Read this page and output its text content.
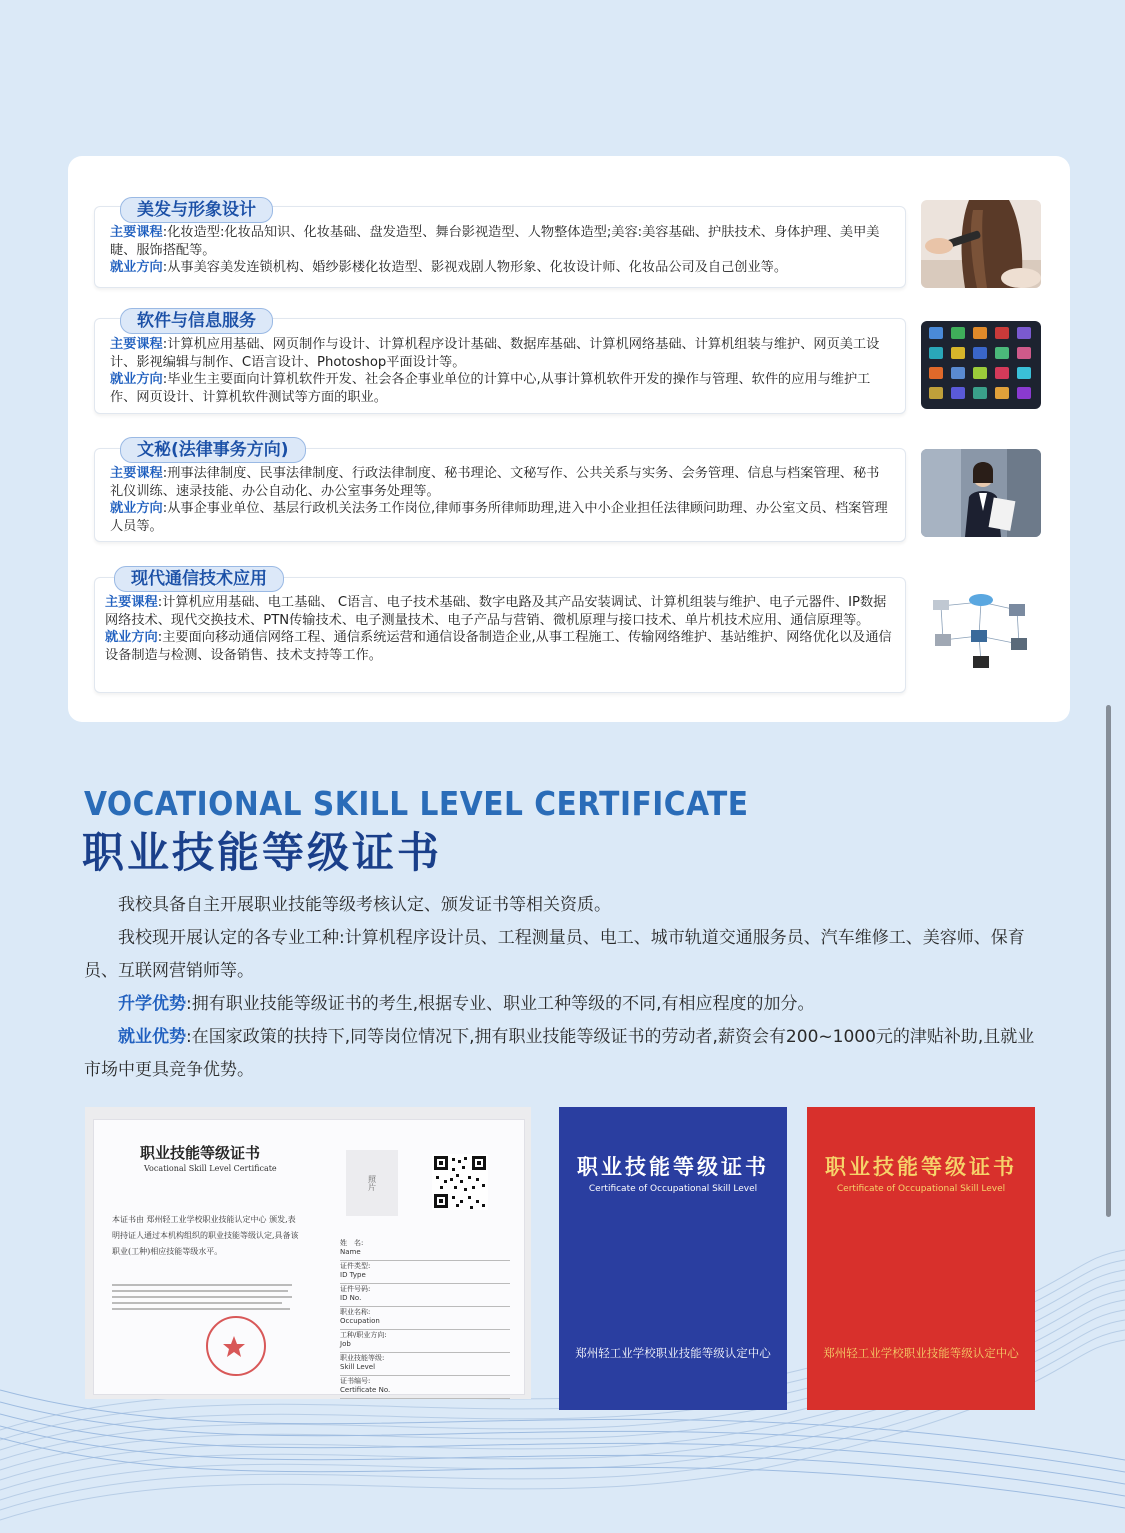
美发与形象设计
主要课程:化妆造型:化妆品知识、化妆基础、盘发造型、舞台影视造型、人物整体造型;美容:美容基础、护肤技术、身体护理、美甲美睫、服饰搭配等。
就业方向:从事美容美发连锁机构、婚纱影楼化妆造型、影视戏剧人物形象、化妆设计师、化妆品公司及自己创业等。
软件与信息服务
主要课程:计算机应用基础、网页制作与设计、计算机程序设计基础、数据库基础、计算机网络基础、计算机组装与维护、网页美工设计、影视编辑与制作、C语言设计、Photoshop平面设计等。
就业方向:毕业生主要面向计算机软件开发、社会各企事业单位的计算中心,从事计算机软件开发的操作与管理、软件的应用与维护工作、网页设计、计算机软件测试等方面的职业。
文秘(法律事务方向)
主要课程:刑事法律制度、民事法律制度、行政法律制度、秘书理论、文秘写作、公共关系与实务、会务管理、信息与档案管理、秘书礼仪训练、速录技能、办公自动化、办公室事务处理等。
就业方向:从事企事业单位、基层行政机关法务工作岗位,律师事务所律师助理,进入中小企业担任法律顾问助理、办公室文员、档案管理人员等。
现代通信技术应用
主要课程:计算机应用基础、电工基础、 C语言、电子技术基础、数字电路及其产品安装调试、计算机组装与维护、电子元器件、IP数据网络技术、现代交换技术、PTN传输技术、电子测量技术、电子产品与营销、微机原理与接口技术、单片机技术应用、通信原理等。
就业方向:主要面向移动通信网络工程、通信系统运营和通信设备制造企业,从事工程施工、传输网络维护、基站维护、网络优化以及通信设备制造与检测、设备销售、技术支持等工作。
VOCATIONAL SKILL LEVEL CERTIFICATE
职业技能等级证书
我校具备自主开展职业技能等级考核认定、颁发证书等相关资质。
我校现开展认定的各专业工种:计算机程序设计员、工程测量员、电工、城市轨道交通服务员、汽车维修工、美容师、保育员、互联网营销师等。
升学优势:拥有职业技能等级证书的考生,根据专业、职业工种等级的不同,有相应程度的加分。
就业优势:在国家政策的扶持下,同等岗位情况下,拥有职业技能等级证书的劳动者,薪资会有200~1000元的津贴补助,且就业市场中更具竞争优势。
职业技能等级证书
Vocational Skill Level Certificate
照片
本证书由 郑州轻工业学校职业技能认定中心 颁发,表明持证人通过本机构组织的职业技能等级认定,具备该职业(工种)相应技能等级水平。
姓　名:
Name
证件类型:
ID Type
证件号码:
ID No.
职业名称:
Occupation
工种/职业方向:
Job
职业技能等级:
Skill Level
证书编号:
Certificate No.
职业技能等级证书
Certificate of Occupational Skill Level
郑州轻工业学校职业技能等级认定中心
职业技能等级证书
Certificate of Occupational Skill Level
郑州轻工业学校职业技能等级认定中心
